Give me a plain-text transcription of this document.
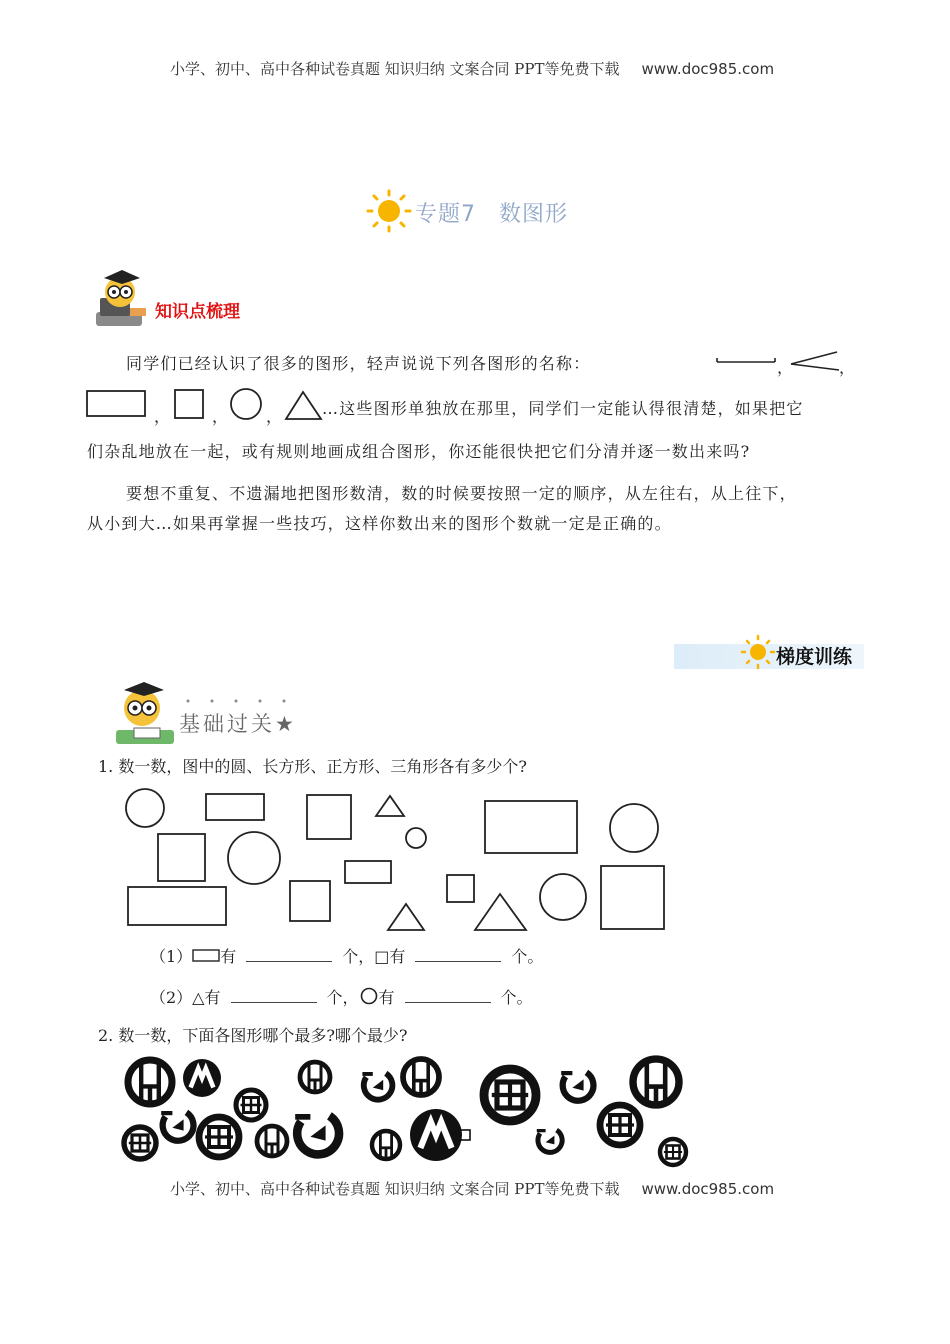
小学、初中、高中各种试卷真题 知识归纳 文案合同 PPT等免费下载 www.doc985.com
专题7　数图形
知识点梳理
同学们已经认识了很多的图形，轻声说说下列各图形的名称：	，	，
，	， ， …这些图形单独放在那里，同学们一定能认得很清楚，如果把它
们杂乱地放在一起，或有规则地画成组合图形，你还能很快把它们分清并逐一数出来吗?
要想不重复、不遗漏地把图形数清，数的时候要按照一定的顺序，从左往右，从上往下，
从小到大…如果再掌握一些技巧，这样你数出来的图形个数就一定是正确的。
梯度训练
基础过关★
1. 数一数，图中的圆、长方形、正方形、三角形各有多少个?
（1） 有	个，□有	个。
（2）△有	个， 有	个。
2. 数一数，下面各图形哪个最多?哪个最少?
小学、初中、高中各种试卷真题 知识归纳 文案合同 PPT等免费下载 www.doc985.com
